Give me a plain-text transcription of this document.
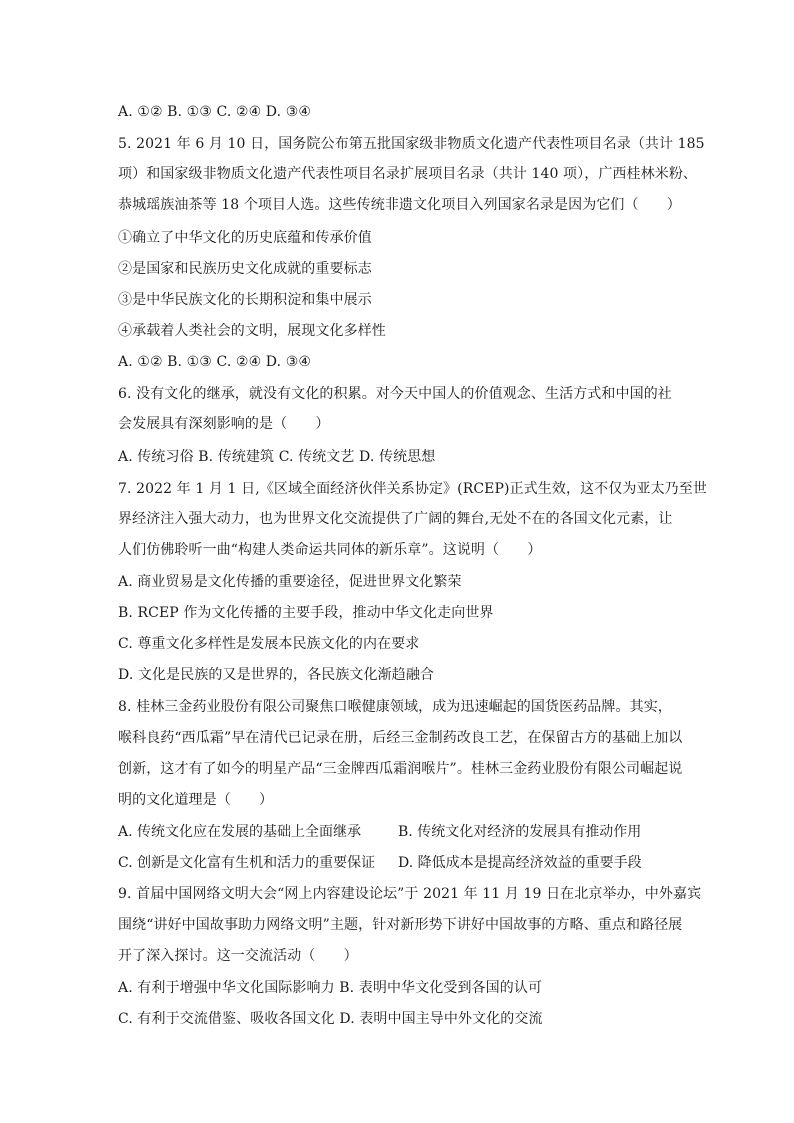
A. ①② B. ①③ C. ②④ D. ③④
5. 2021 年 6 月 10 日，国务院公布第五批国家级非物质文化遗产代表性项目名录（共计 185
项）和国家级非物质文化遗产代表性项目名录扩展项目名录（共计 140 项），广西桂林米粉、
恭城瑶族油茶等 18 个项目人选。这些传统非遗文化项目入列国家名录是因为它们（　　）
①确立了中华文化的历史底蕴和传承价值
②是国家和民族历史文化成就的重要标志
③是中华民族文化的长期积淀和集中展示
④承载着人类社会的文明，展现文化多样性
A. ①② B. ①③ C. ②④ D. ③④
6. 没有文化的继承，就没有文化的积累。对今天中国人的价值观念、生活方式和中国的社
会发展具有深刻影响的是（　　）
A. 传统习俗 B. 传统建筑 C. 传统文艺 D. 传统思想
7. 2022 年 1 月 1 日,《区域全面经济伙伴关系协定》(RCEP)正式生效，这不仅为亚太乃至世
界经济注入强大动力，也为世界文化交流提供了广阔的舞台,无处不在的各国文化元素，让
人们仿佛聆听一曲“构建人类命运共同体的新乐章”。这说明（　　）
A. 商业贸易是文化传播的重要途径，促进世界文化繁荣
B. RCEP 作为文化传播的主要手段，推动中华文化走向世界
C. 尊重文化多样性是发展本民族文化的内在要求
D. 文化是民族的又是世界的，各民族文化渐趋融合
8. 桂林三金药业股份有限公司聚焦口喉健康领域，成为迅速崛起的国货医药品牌。其实，
喉科良药“西瓜霜”早在清代已记录在册，后经三金制药改良工艺，在保留古方的基础上加以
创新，这才有了如今的明星产品“三金牌西瓜霜润喉片”。桂林三金药业股份有限公司崛起说
明的文化道理是（　　）
A. 传统文化应在发展的基础上全面继承	B. 传统文化对经济的发展具有推动作用
C. 创新是文化富有生机和活力的重要保证 D. 降低成本是提高经济效益的重要手段
9. 首届中国网络文明大会“网上内容建设论坛”于 2021 年 11 月 19 日在北京举办，中外嘉宾
围绕“讲好中国故事助力网络文明”主题，针对新形势下讲好中国故事的方略、重点和路径展
开了深入探讨。这一交流活动（　　）
A. 有利于增强中华文化国际影响力 B. 表明中华文化受到各国的认可
C. 有利于交流借鉴、吸收各国文化 D. 表明中国主导中外文化的交流
